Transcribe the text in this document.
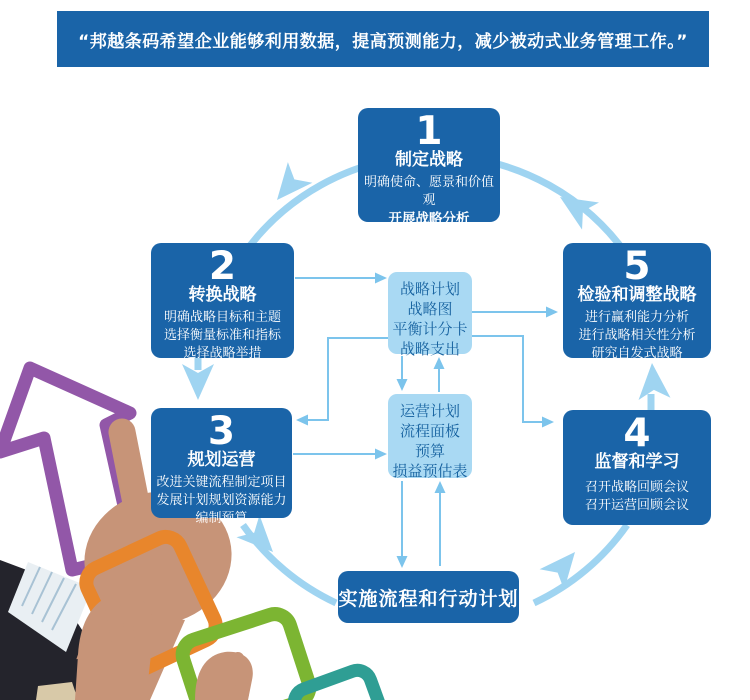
“邦越条码希望企业能够利用数据，提高预测能力，减少被动式业务管理工作。”
1
制定战略
明确使命、愿景和价值观
开展战略分析
制定战略
2
转换战略
明确战略目标和主题
选择衡量标准和指标
选择战略举措
3
规划运营
改进关键流程制定项目
发展计划规划资源能力
编制预算
4
监督和学习
召开战略回顾会议
召开运营回顾会议
5
检验和调整战略
进行赢利能力分析
进行战略相关性分析
研究自发式战略
战略计划
战略图
平衡计分卡
战略支出
运营计划
流程面板
预算
损益预估表
实施流程和行动计划
